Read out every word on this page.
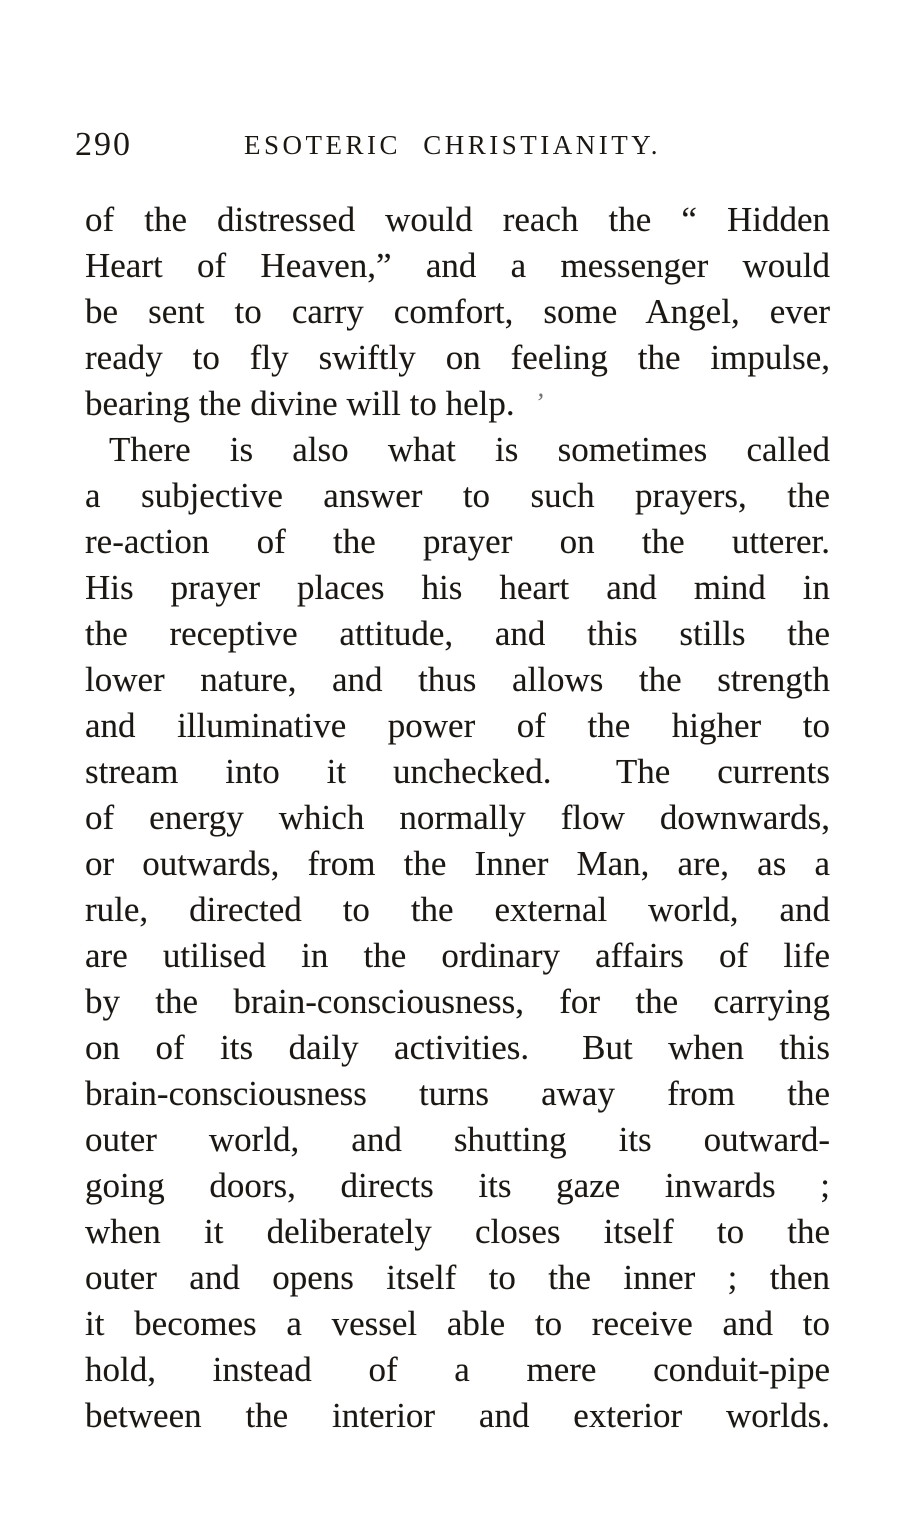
290	ESOTERIC CHRISTIANITY.
of the distressed would reach the “ Hidden
Heart of Heaven,” and a messenger would
be sent to carry comfort, some Angel, ever
ready to fly swiftly on feeling the impulse,
bearing the divine will to help. ’
There is also what is sometimes called
a subjective answer to such prayers, the
re-action of the prayer on the utterer.
His prayer places his heart and mind in
the receptive attitude, and this stills the
lower nature, and thus allows the strength
and illuminative power of the higher to
stream into it unchecked.  The currents
of energy which normally flow downwards,
or outwards, from the Inner Man, are, as a
rule, directed to the external world, and
are utilised in the ordinary affairs of life
by the brain-consciousness, for the carrying
on of its daily activities.  But when this
brain-consciousness turns away from the
outer world, and shutting its outward-
going doors, directs its gaze inwards ;
when it deliberately closes itself to the
outer and opens itself to the inner ; then
it becomes a vessel able to receive and to
hold, instead of a mere conduit-pipe
between the interior and exterior worlds.
